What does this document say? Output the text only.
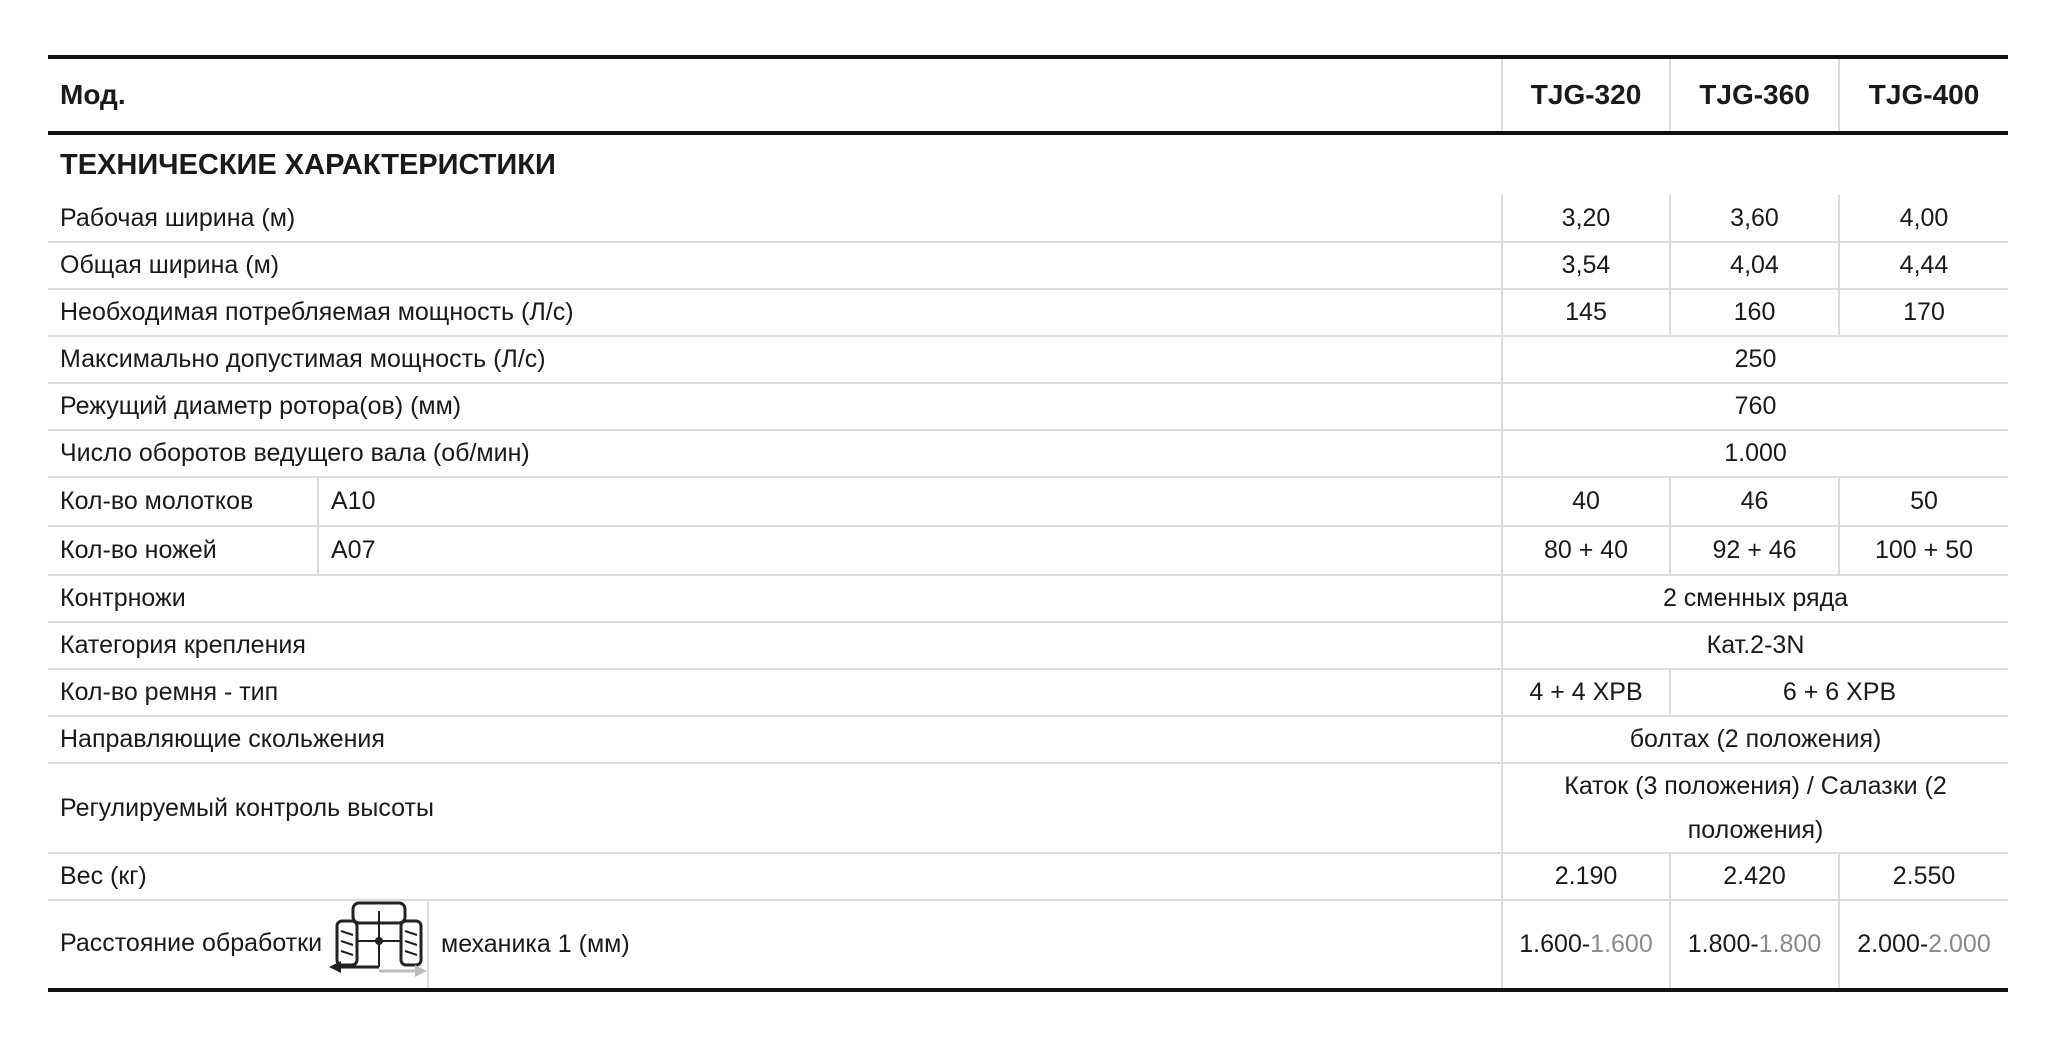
Мод.			TJG-320	TJG-360	TJG-400
ТЕХНИЧЕСКИЕ ХАРАКТЕРИСТИКИ					
Рабочая ширина (м)			3,20	3,60	4,00
Общая ширина (м)			3,54	4,04	4,44
Необходимая потребляемая мощность (Л/с)			145	160	170
Максимально допустимая мощность (Л/с)			250		
Режущий диаметр ротора(ов) (мм)			760		
Число оборотов ведущего вала (об/мин)			1.000		
Кол-во молотков	A10		40	46	50
Кол-во ножей	A07		80 + 40	92 + 46	100 + 50
Контрножи			2 сменных ряда		
Категория крепления			Кат.2-3N		
Кол-во ремня - тип			4 + 4 XPB	6 + 6 XPB	
Направляющие скольжения			болтах (2 положения)		
Регулируемый контроль высоты			Каток (3 положения) / Салазки (2 положения)		
Вес (кг)			2.190	2.420	2.550
Расстояние обработки		механика 1 (мм)	1.600-1.600	1.800-1.800	2.000-2.000
